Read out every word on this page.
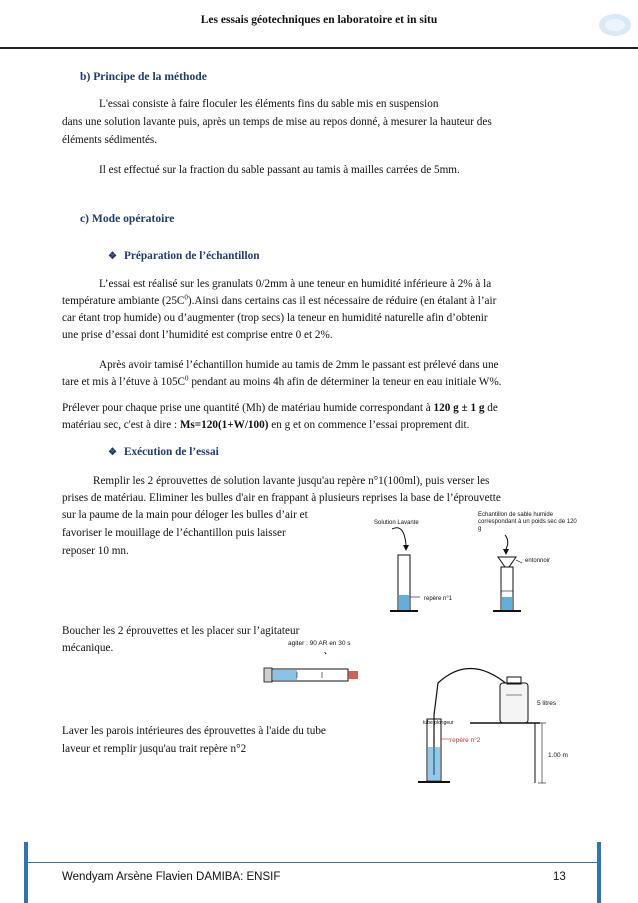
Les essais géotechniques en laboratoire et in situ
b) Principe de la méthode
L'essai consiste à faire floculer les éléments fins du sable mis en suspension
dans une solution lavante puis, après un temps de mise au repos donné, à mesurer la hauteur des
éléments sédimentés.
Il est effectué sur la fraction du sable passant au tamis à mailles carrées de 5mm.
c) Mode opératoire
❖ Préparation de l’échantillon
L’essai est réalisé sur les granulats 0/2mm à une teneur en humidité inférieure à 2% à la
température ambiante $(25C^0).Ainsi$ dans certains cas il est nécessaire de réduire (en étalant à l’air
car étant trop humide) ou d’augmenter (trop secs) la teneur en humidité naturelle afin d’obtenir
une prise d’essai dont l’humidité est comprise entre 0 et 2%.
Après avoir tamisé l’échantillon humide au tamis de 2mm le passant est prélevé dans une
tare et mis à l’étuve à $105C^0$ pendant au moins 4h afin de déterminer la teneur en eau initiale W%.
Prélever pour chaque prise une quantité (Mh) de matériau humide correspondant à 120 g ± 1 g de
matériau sec, c'est à dire : Ms=120(1+W/100) en g et on commence l’essai proprement dit.
❖ Exécution de l’essai
Remplir les 2 éprouvettes de solution lavante jusqu'au repère n°1(100ml), puis verser les
prises de matériau. Eliminer les bulles d'air en frappant à plusieurs reprises la base de l’éprouvette
sur la paume de la main pour déloger les bulles d’air et
favoriser le mouillage de l’échantillon puis laisser
reposer 10 mn.
Boucher les 2 éprouvettes et les placer sur l’agitateur
mécanique.
Laver les parois intérieures des éprouvettes à l'aide du tube
laveur et remplir jusqu'au trait repère n°2
Solution Lavante
repère n°1
Echantillon de sable humide correspondant à un poids sec de 120 g
entonnoir
agiter : 90 AR en 30 s
5 litres
tube plongeur
repère n°2
1.00 m
Wendyam Arsène Flavien DAMIBA: ENSIF	13
